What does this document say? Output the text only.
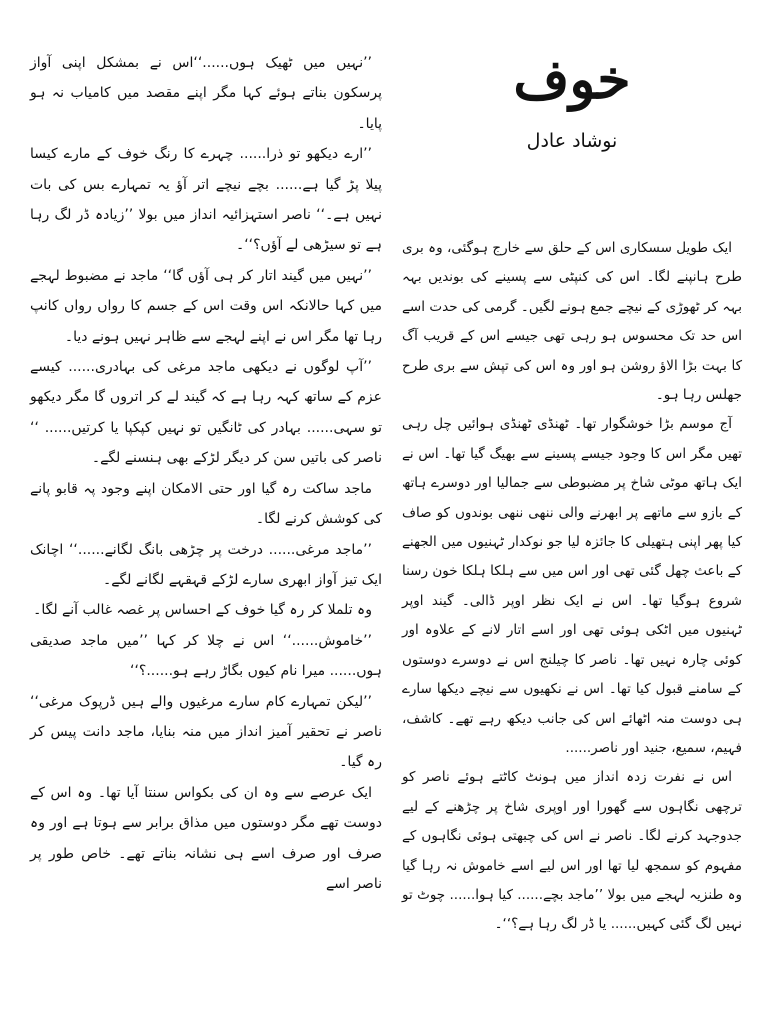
خوف
نوشاد عادل

ایک طویل سسکاری اس کے حلق سے خارج ہوگئی، وہ بری طرح ہانپنے لگا۔ اس کی کنپٹی سے پسینے کی بوندیں بہہ بہہ کر ٹھوڑی کے نیچے جمع ہونے لگیں۔ گرمی کی حدت اسے اس حد تک محسوس ہو رہی تھی جیسے اس کے قریب آگ کا بہت بڑا الاؤ روشن ہو اور وہ اس کی تپش سے بری طرح جھلس رہا ہو۔

آج موسم بڑا خوشگوار تھا۔ ٹھنڈی ٹھنڈی ہوائیں چل رہی تھیں مگر اس کا وجود جیسے پسینے سے بھیگ گیا تھا۔ اس نے ایک ہاتھ موٹی شاخ پر مضبوطی سے جمالیا اور دوسرے ہاتھ کے بازو سے ماتھے پر ابھرنے والی ننھی ننھی بوندوں کو صاف کیا پھر اپنی ہتھیلی کا جائزہ لیا جو نوکدار ٹہنیوں میں الجھنے کے باعث چھل گئی تھی اور اس میں سے ہلکا ہلکا خون رسنا شروع ہوگیا تھا۔ اس نے ایک نظر اوپر ڈالی۔ گیند اوپر ٹہنیوں میں اٹکی ہوئی تھی اور اسے اتار لانے کے علاوہ اور کوئی چارہ نہیں تھا۔ ناصر کا چیلنج اس نے دوسرے دوستوں کے سامنے قبول کیا تھا۔ اس نے نکھیوں سے نیچے دیکھا سارے ہی دوست منہ اٹھائے اس کی جانب دیکھ رہے تھے۔ کاشف، فہیم، سمیع، جنید اور ناصر......

اس نے نفرت زدہ انداز میں ہونٹ کاٹتے ہوئے ناصر کو ترچھی نگاہوں سے گھورا اور اوپری شاخ پر چڑھنے کے لیے جدوجہد کرنے لگا۔ ناصر نے اس کی چبھتی ہوئی نگاہوں کے مفہوم کو سمجھ لیا تھا اور اس لیے اسے خاموش نہ رہا گیا وہ طنزیہ لہجے میں بولا ’’ماجد بچے...... کیا ہوا...... چوٹ تو نہیں لگ گئی کہیں...... یا ڈر لگ رہا ہے؟‘‘۔

’’نہیں میں ٹھیک ہوں......‘‘اس نے بمشکل اپنی آواز پرسکون بناتے ہوئے کہا مگر اپنے مقصد میں کامیاب نہ ہو پایا۔

’’ارے دیکھو تو ذرا...... چہرے کا رنگ خوف کے مارے کیسا پیلا پڑ گیا ہے...... بچے نیچے اتر آؤ یہ تمہارے بس کی بات نہیں ہے۔‘‘ ناصر استہزائیہ انداز میں بولا ’’زیادہ ڈر لگ رہا ہے تو سیڑھی لے آؤں؟‘‘۔

’’نہیں میں گیند اتار کر ہی آؤں گا‘‘ ماجد نے مضبوط لہجے میں کہا حالانکہ اس وقت اس کے جسم کا رواں رواں کانپ رہا تھا مگر اس نے اپنے لہجے سے ظاہر نہیں ہونے دیا۔

’’آپ لوگوں نے دیکھی ماجد مرغی کی بہادری...... کیسے عزم کے ساتھ کہہ رہا ہے کہ گیند لے کر اتروں گا مگر دیکھو تو سہی...... بہادر کی ٹانگیں تو نہیں کپکپا یا کرتیں...... ‘‘ ناصر کی باتیں سن کر دیگر لڑکے بھی ہنسنے لگے۔

ماجد ساکت رہ گیا اور حتی الامکان اپنے وجود پہ قابو پانے کی کوشش کرنے لگا۔

’’ماجد مرغی...... درخت پر چڑھی بانگ لگانے......‘‘ اچانک ایک تیز آواز ابھری سارے لڑکے قہقہے لگانے لگے۔

وہ تلملا کر رہ گیا خوف کے احساس پر غصہ غالب آنے لگا۔

’’خاموش......‘‘ اس نے چلا کر کہا ’’میں ماجد صدیقی ہوں...... میرا نام کیوں بگاڑ رہے ہو......؟‘‘

’’لیکن تمہارے کام سارے مرغیوں والے ہیں ڈرپوک مرغی‘‘ ناصر نے تحقیر آمیز انداز میں منہ بنایا، ماجد دانت پیس کر رہ گیا۔

ایک عرصے سے وہ ان کی بکواس سنتا آیا تھا۔ وہ اس کے دوست تھے مگر دوستوں میں مذاق برابر سے ہوتا ہے اور وہ صرف اور صرف اسے ہی نشانہ بناتے تھے۔ خاص طور پر ناصر اسے
